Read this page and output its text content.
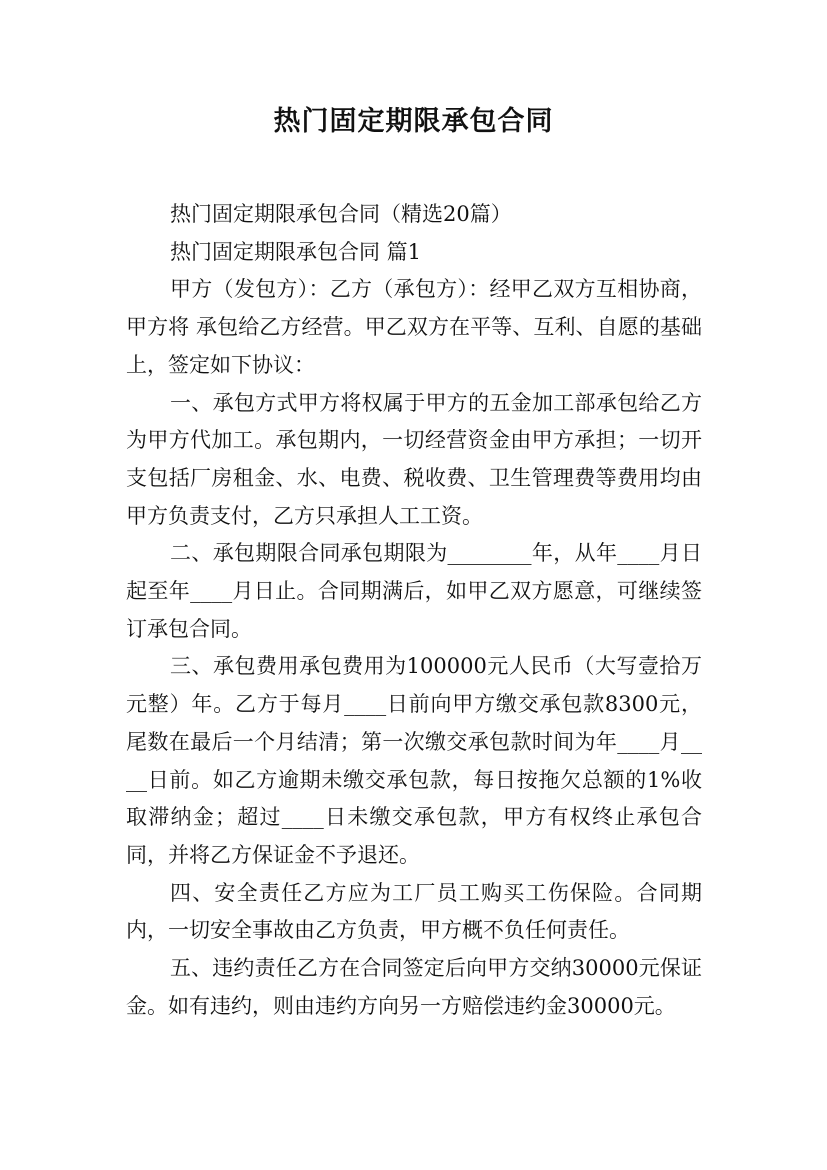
热门固定期限承包合同

热门固定期限承包合同（精选20篇）

热门固定期限承包合同 篇1

甲方（发包方）：乙方（承包方）：经甲乙双方互相协商，甲方将 承包给乙方经营。甲乙双方在平等、互利、自愿的基础上，签定如下协议：

一、承包方式甲方将权属于甲方的五金加工部承包给乙方为甲方代加工。承包期内，一切经营资金由甲方承担；一切开支包括厂房租金、水、电费、税收费、卫生管理费等费用均由甲方负责支付，乙方只承担人工工资。

二、承包期限合同承包期限为________年，从年____月日起至年____月日止。合同期满后，如甲乙双方愿意，可继续签订承包合同。

三、承包费用承包费用为100000元人民币（大写壹拾万元整）年。乙方于每月____日前向甲方缴交承包款8300元，尾数在最后一个月结清；第一次缴交承包款时间为年____月____日前。如乙方逾期未缴交承包款，每日按拖欠总额的1%收取滞纳金；超过____日未缴交承包款，甲方有权终止承包合同，并将乙方保证金不予退还。

四、安全责任乙方应为工厂员工购买工伤保险。合同期内，一切安全事故由乙方负责，甲方概不负任何责任。

五、违约责任乙方在合同签定后向甲方交纳30000元保证金。如有违约，则由违约方向另一方赔偿违约金30000元。
